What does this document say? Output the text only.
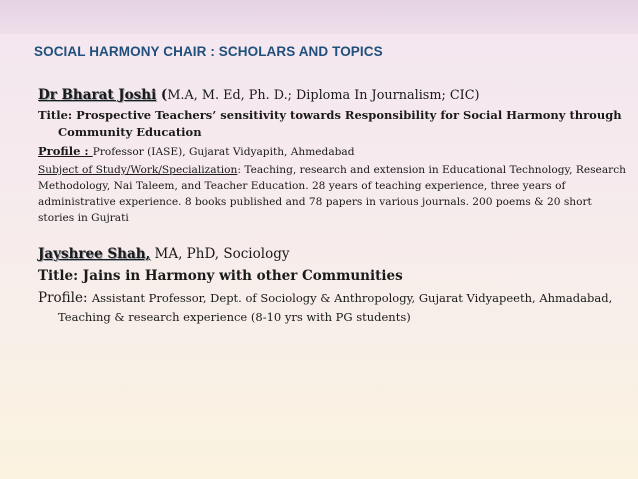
SOCIAL HARMONY CHAIR : SCHOLARS AND TOPICS

Dr Bharat Joshi (M.A, M. Ed, Ph. D.; Diploma In Journalism; CIC)

Title: Prospective Teachers’ sensitivity towards Responsibility for Social Harmony through Community Education

Profile : Professor (IASE), Gujarat Vidyapith, Ahmedabad

Subject of Study/Work/Specialization: Teaching, research and extension in Educational Technology, Research Methodology, Nai Taleem, and Teacher Education. 28 years of teaching experience, three years of administrative experience. 8 books published and 78 papers in various journals. 200 poems & 20 short stories in Gujrati

Jayshree Shah, MA, PhD, Sociology

Title: Jains in Harmony with other Communities

Profile: Assistant Professor, Dept. of Sociology & Anthropology, Gujarat Vidyapeeth, Ahmadabad, Teaching & research experience (8-10 yrs with PG students)
